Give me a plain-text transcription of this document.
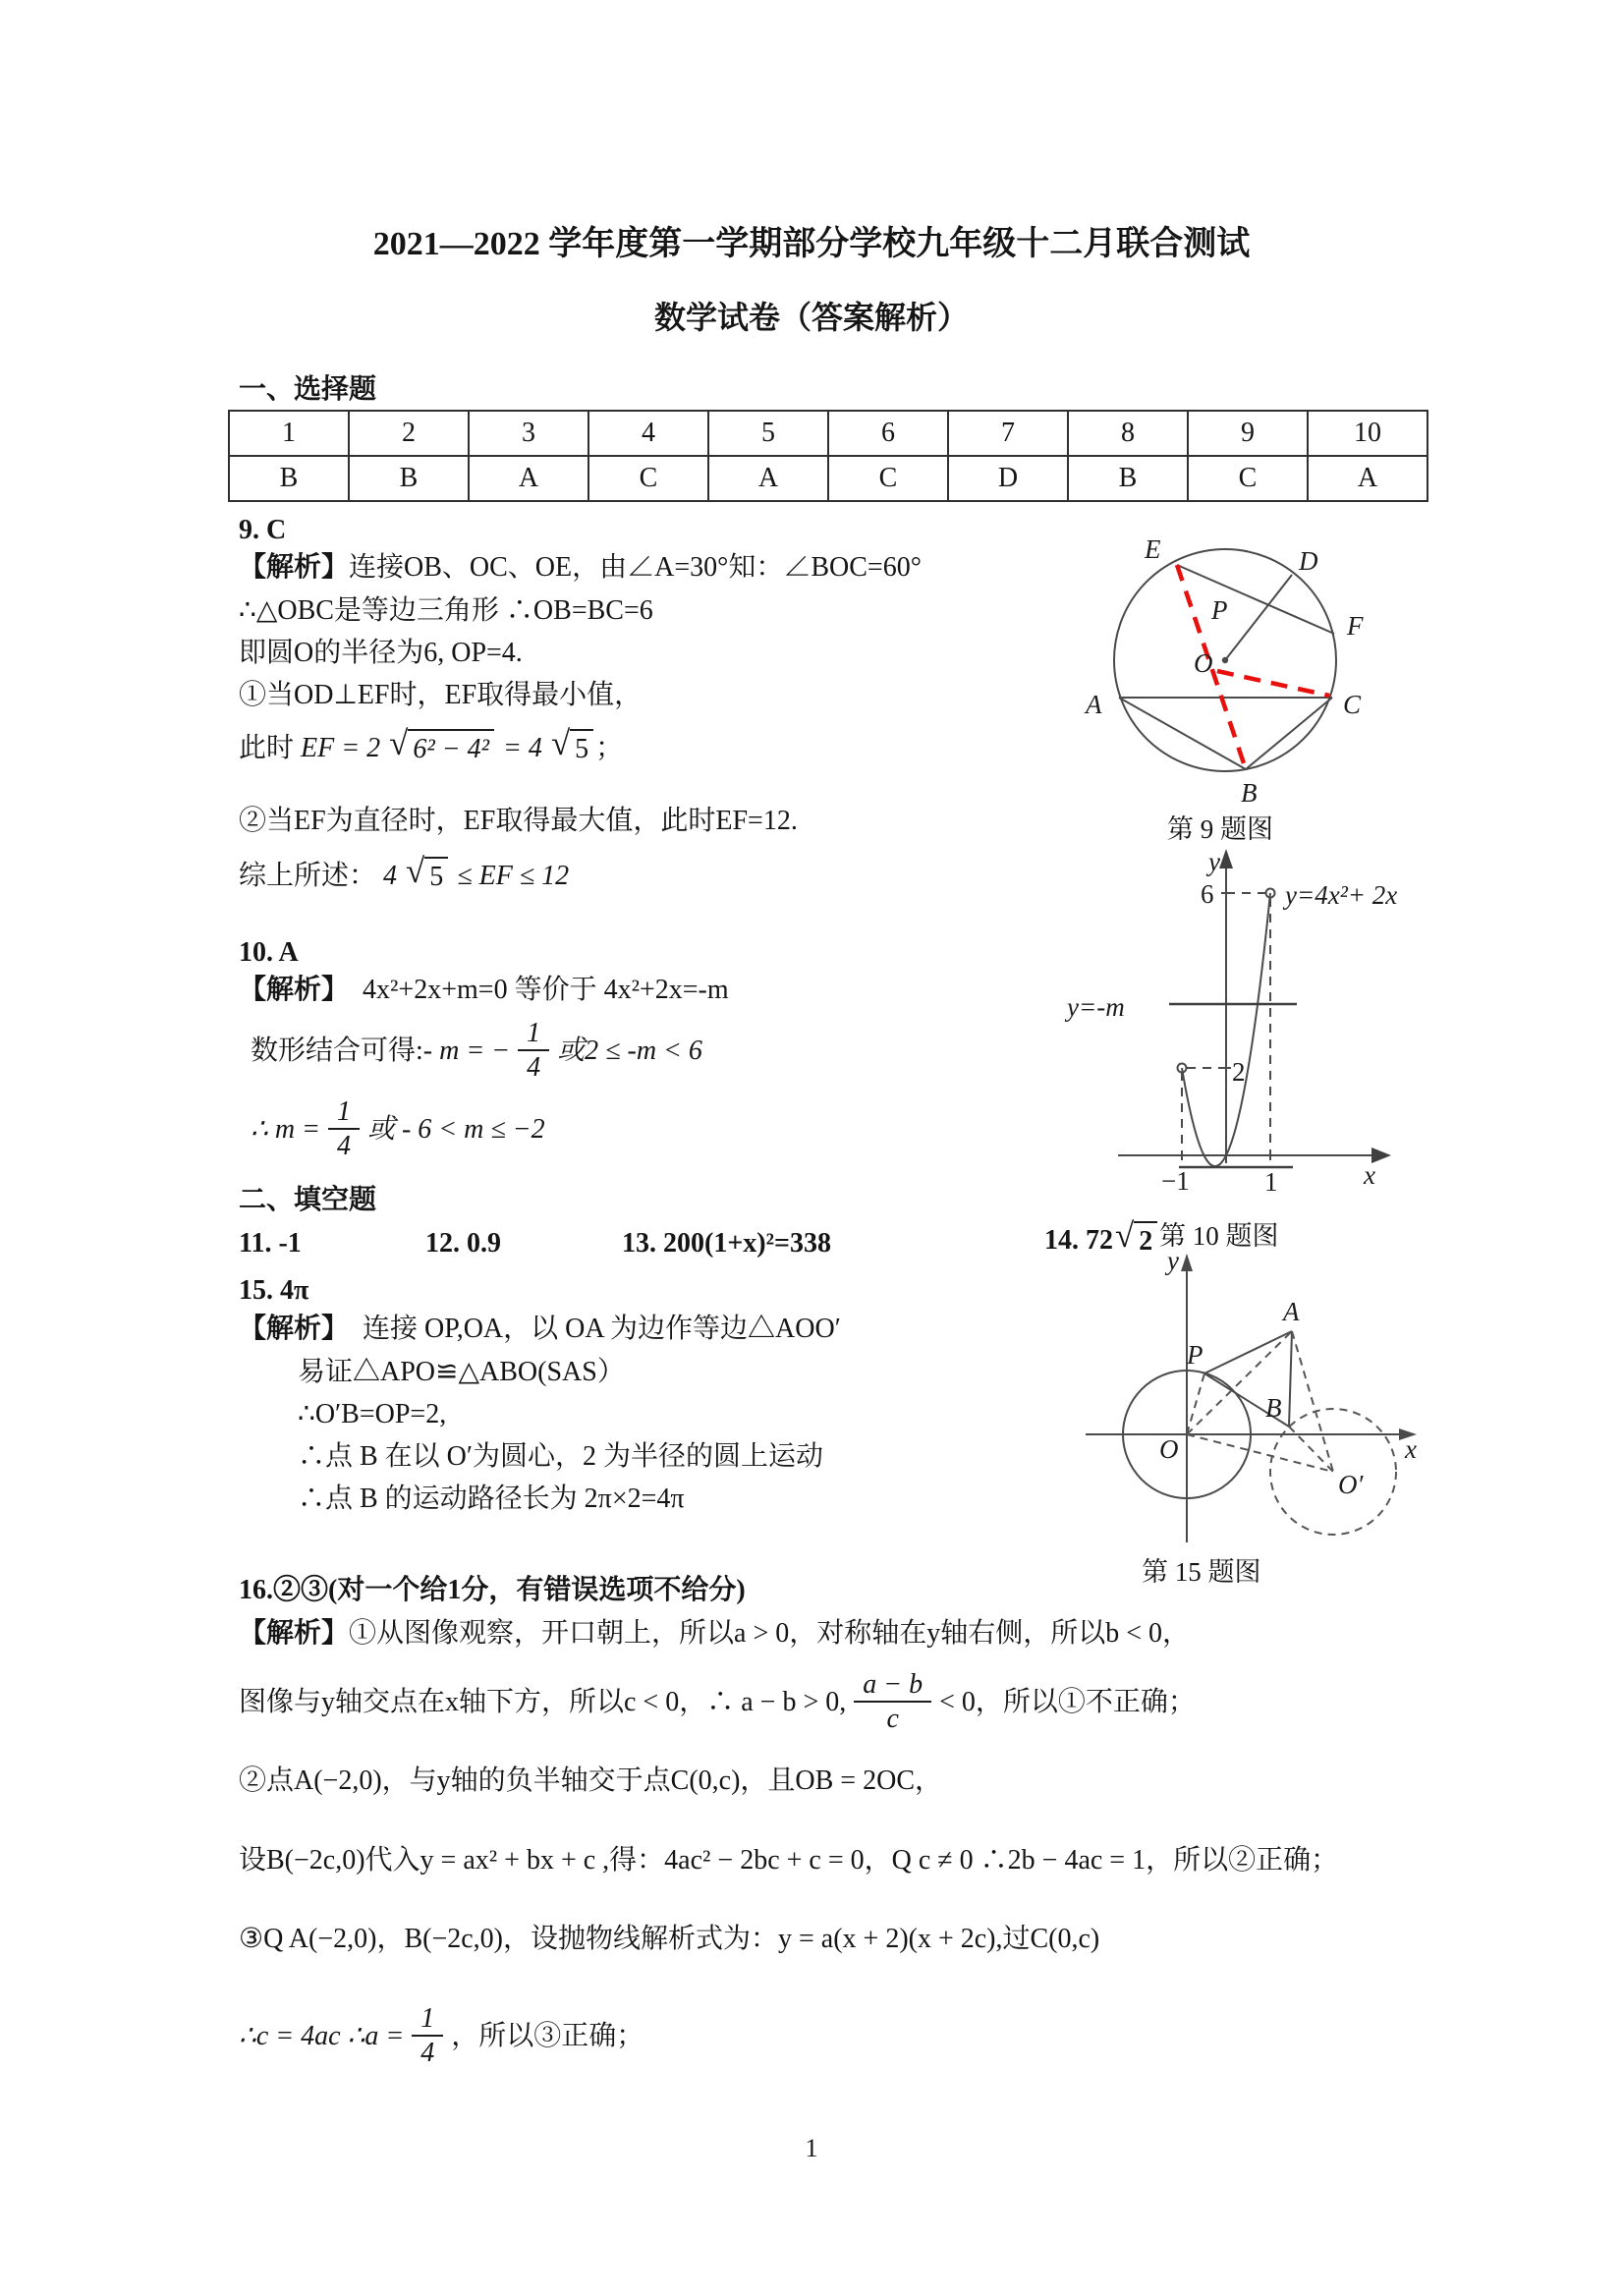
2021—2022 学年度第一学期部分学校九年级十二月联合测试
数学试卷（答案解析）
一、选择题
1	2	3	4	5	6	7	8	9	10
B	B	A	C	A	C	D	B	C	A
9. C
【解析】连接OB、OC、OE，由∠A=30°知：∠BOC=60°
∴△OBC是等边三角形 ∴OB=BC=6
即圆O的半径为6, OP=4.
①当OD⊥EF时，EF取得最小值，
此时 EF = 2 √ 6² − 4² = 4 √ 5 ；
②当EF为直径时，EF取得最大值，此时EF=12.
综上所述： 4 √ 5 ≤ EF ≤ 12
E	D
P
F
O
A	C
B
第 9 题图
10. A
【解析】 4x²+2x+m=0 等价于 4x²+2x=-m
数形结合可得: - m = − $\frac{1}{4}$ 或2 ≤ -m < 6
∴ $m = \frac{1}{4}$ 或 - 6 < m ≤ −2
y
x
6
2
−1	1
y=4x²+ 2x
y=-m
第 10 题图
二、填空题
11. -1	12. 0.9	13. 200(1+x)²=338	14. 72 √ 2
15. 4π
【解析】 连接 OP,OA，以 OA 为边作等边△AOO′
易证△APO≌△ABO(SAS）
∴O′B=OP=2,
∴点 B 在以 O′为圆心，2 为半径的圆上运动
∴点 B 的运动路径长为 2π×2=4π
y
x
O
P
A
B
O′
第 15 题图
16.②③(对一个给1分，有错误选项不给分)
【解析】①从图像观察，开口朝上，所以a > 0，对称轴在y轴右侧，所以b < 0，
图像与y轴交点在x轴下方，所以c < 0，∴ a − b > 0, $\frac{a - b}{c} < 0$，所以①不正确；
②点A(−2,0)，与y轴的负半轴交于点C(0,c)，且OB = 2OC，
设B(−2c,0)代入y = ax² + bx + c ,得：4ac² − 2bc + c = 0，Q c ≠ 0 ∴2b − 4ac = 1，所以②正确；
③Q A(−2,0)，B(−2c,0)，设抛物线解析式为：y = a(x + 2)(x + 2c),过C(0,c)
∴c = 4ac ∴a = $\frac{1}{4}$ ，所以③正确；
1
